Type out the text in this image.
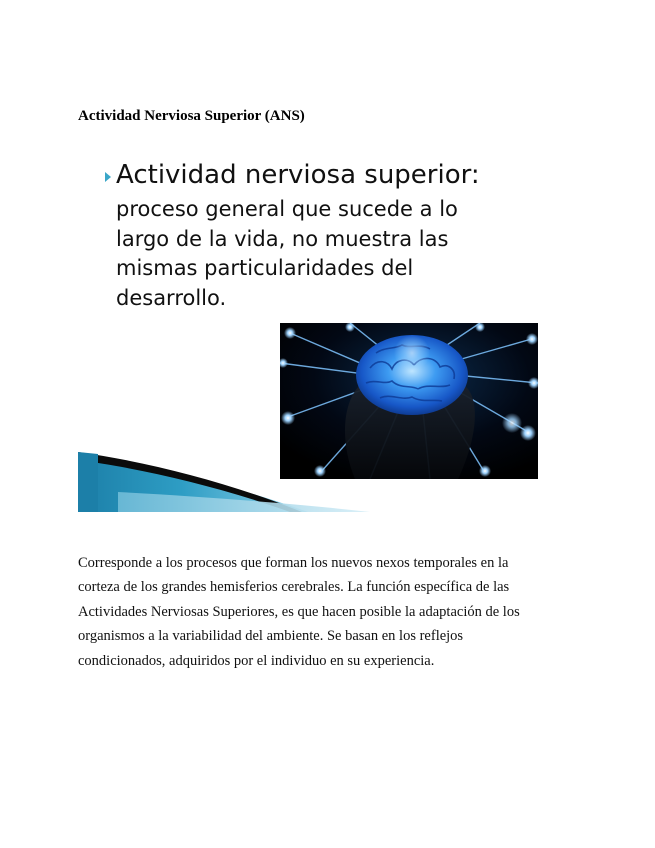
Actividad Nerviosa Superior (ANS)
Actividad nerviosa superior:
proceso general que sucede a lo
largo de la vida, no muestra las
mismas particularidades del
desarrollo.
Corresponde a los procesos que forman los nuevos nexos temporales en la
corteza de los grandes hemisferios cerebrales. La función específica de las
Actividades Nerviosas Superiores, es que hacen posible la adaptación de los
organismos a la variabilidad del ambiente. Se basan en los reflejos
condicionados, adquiridos por el individuo en su experiencia.
